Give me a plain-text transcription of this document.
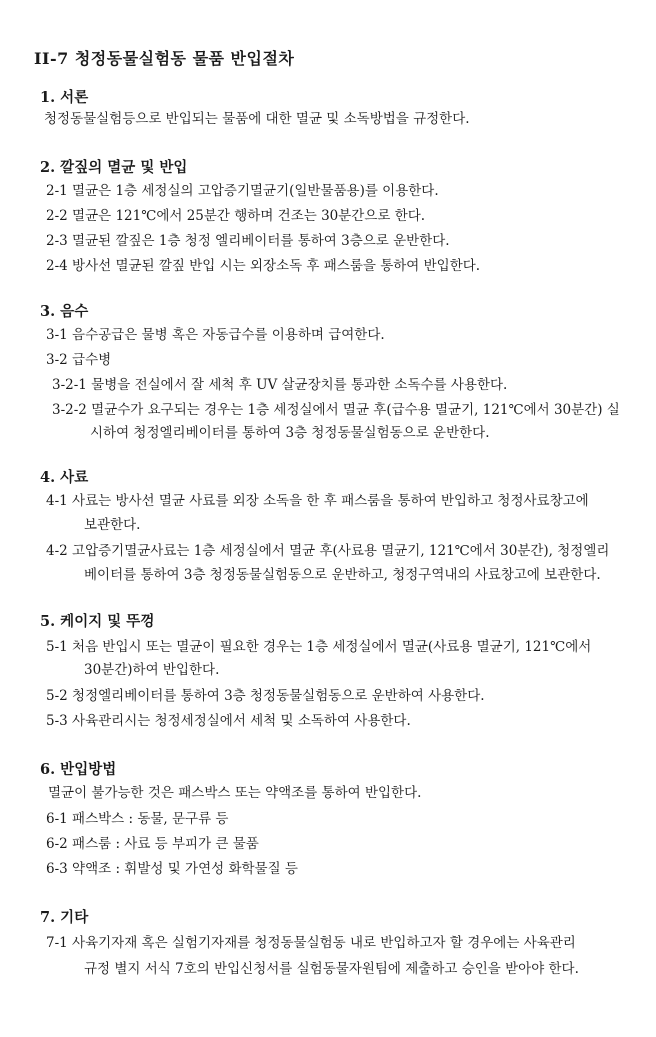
II-7 청정동물실험동 물품 반입절차
1. 서론
청정동물실험등으로 반입되는 물품에 대한 멸균 및 소독방법을 규정한다.
2. 깔짚의 멸균 및 반입
2-1 멸균은 1층 세정실의 고압증기멸균기(일반물품용)를 이용한다.
2-2 멸균은 121℃에서 25분간 행하며 건조는 30분간으로 한다.
2-3 멸균된 깔짚은 1층 청정 엘리베이터를 통하여 3층으로 운반한다.
2-4 방사선 멸균된 깔짚 반입 시는 외장소독 후 패스룸을 통하여 반입한다.
3. 음수
3-1 음수공급은 물병 혹은 자동급수를 이용하며 급여한다.
3-2 급수병
3-2-1 물병을 전실에서 잘 세척 후 UV 살균장치를 통과한 소독수를 사용한다.
3-2-2 멸균수가 요구되는 경우는 1층 세정실에서 멸균 후(급수용 멸균기, 121℃에서 30분간) 실
시하여 청정엘리베이터를 통하여 3층 청정동물실험동으로 운반한다.
4. 사료
4-1 사료는 방사선 멸균 사료를 외장 소독을 한 후 패스룸을 통하여 반입하고 청정사료창고에
보관한다.
4-2 고압증기멸균사료는 1층 세정실에서 멸균 후(사료용 멸균기, 121℃에서 30분간), 청정엘리
베이터를 통하여 3층 청정동물실험동으로 운반하고, 청정구역내의 사료창고에 보관한다.
5. 케이지 및 뚜껑
5-1 처음 반입시 또는 멸균이 필요한 경우는 1층 세정실에서 멸균(사료용 멸균기, 121℃에서
30분간)하여 반입한다.
5-2 청정엘리베이터를 통하여 3층 청정동물실험동으로 운반하여 사용한다.
5-3 사육관리시는 청정세정실에서 세척 및 소독하여 사용한다.
6. 반입방법
멸균이 불가능한 것은 패스박스 또는 약액조를 통하여 반입한다.
6-1 패스박스 : 동물, 문구류 등
6-2 패스룸 : 사료 등 부피가 큰 물품
6-3 약액조 : 휘발성 및 가연성 화학물질 등
7. 기타
7-1 사육기자재 혹은 실험기자재를 청정동물실험동 내로 반입하고자 할 경우에는 사육관리
규정 별지 서식 7호의 반입신청서를 실험동물자원팀에 제출하고 승인을 받아야 한다.
